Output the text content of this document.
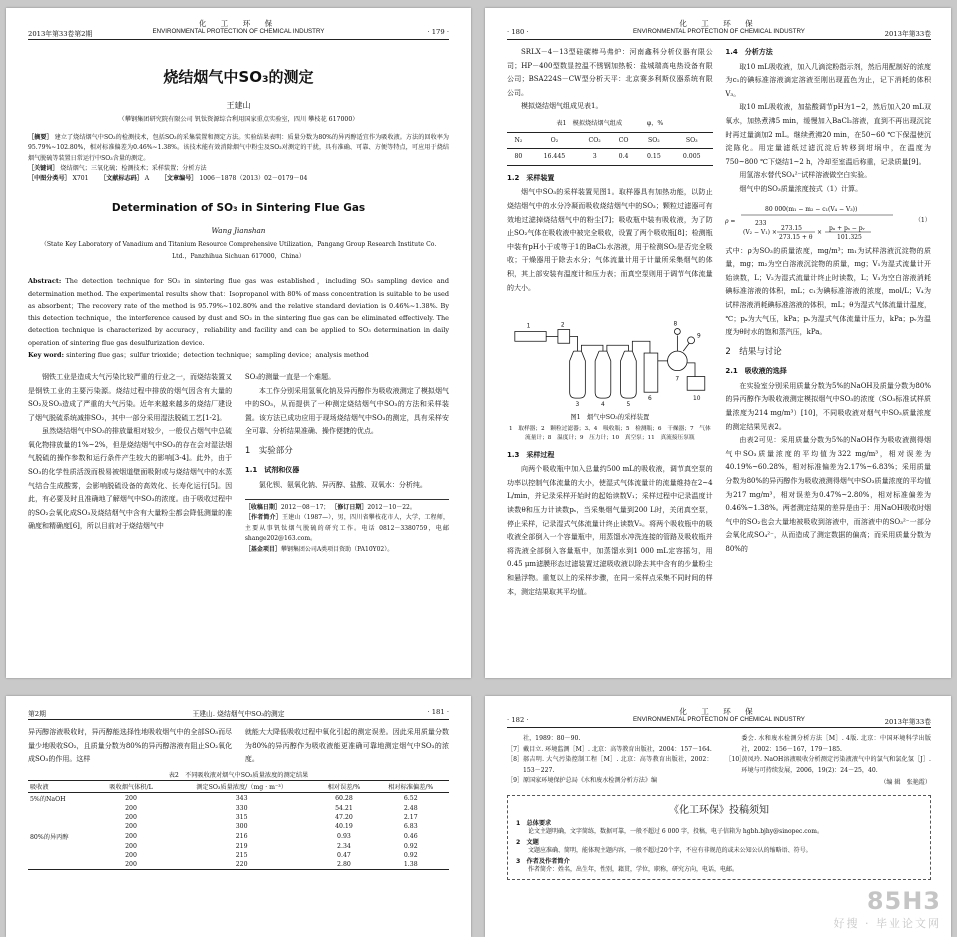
化 工 环 保
2013年第33卷第2期	ENVIRONMENTAL PROTECTION OF CHEMICAL INDUSTRY	· 179 ·
烧结烟气中SO₃的测定
王建山
（攀钢集团研究院有限公司 钒钛资源综合利用国家重点实验室，四川 攀枝花 617000）

［摘要］ 建立了烧结烟气中SO₃的检测技术，包括SO₃的采集装置和测定方法。实验结果表明：质量分数为80%的异丙醇适宜作为吸收液。方法的回收率为95.79%~102.80%，相对标准偏差为0.46%~1.38%。该技术能有效消除烟气中粉尘及SO₂对测定的干扰，具有准确、可靠、方便等特点，可应用于烧结烟气脱硫等装置日常运行中SO₃含量的测定。

［关键词］ 烧结烟气；三氧化硫；检测技术；采样装置；分析方法

［中图分类号］ X701 ［文献标志码］ A ［文章编号］ 1006－1878（2013）02－0179－04

Determination of SO₃ in Sintering Flue Gas
Wang Jianshan
（State Key Laboratory of Vanadium and Titanium Resource Comprehensive Utilization，Pangang Group Research Institute Co. Ltd.，Panzhihua Sichuan 617000，China）

Abstract: The detection technique for SO₃ in sintering flue gas was established，including SO₃ sampling device and determination method. The experimental results show that：Isopropanol with 80% of mass concentration is suitable to be used as absorbent；The recovery rate of the method is 95.79%~102.80% and the relative standard deviation is 0.46%~1.38%. By this detection technique，the interference caused by dust and SO₂ in the sintering flue gas can be eliminated effectively. The detection technique is characterized by accuracy，reliability and facility and can be applied to SO₃ determination in daily operation of sintering flue gas desulfurization device.

Key word: sintering flue gas；sulfur trioxide；detection technique；sampling device；analysis method

钢铁工业是造成大气污染比较严重的行业之一，而烧结装置又是钢铁工业的主要污染源。烧结过程中排放的烟气因含有大量的SO₂及SO₃造成了严重的大气污染。近年来越来越多的烧结厂建设了烟气脱硫系统减排SO₂，其中一部分采用湿法脱硫工艺[1-2]。

虽然烧结烟气中SO₃的排放量相对较少，一般仅占烟气中总硫氧化物排放量的1%~2%，但是烧结烟气中SO₃的存在会对湿法烟气脱硫的操作参数和运行条件产生较大的影响[3-4]。此外，由于SO₃的化学性质活泼而极易被烟道壁面吸附或与烧结烟气中的水蒸气结合生成酸雾，会影响脱硫设备的高效化、长寿化运行[5]。因此，有必要及时且准确地了解烟气中SO₃的浓度。由于吸收过程中的SO₂会氧化成SO₃及烧结烟气中含有大量粉尘都会降低测量的准确度和精确度[6]，所以目前对于烧结烟气中

SO₃的测量一直是一个难题。

本工作分别采用氢氧化钠及异丙醇作为吸收液测定了模拟烟气中的SO₃，从而提供了一种测定烧结烟气中SO₃的方法和采样装置。该方法已成功应用于现场烧结烟气中SO₃的测定，具有采样安全可靠、分析结果准确、操作便捷的优点。

1　实验部分
1.1　试剂和仪器

氯化钡、氨氧化钠、异丙醇、盐酸、双氧水：分析纯。

［收稿日期］2012－08－17； ［修订日期］2012－10－22。
［作者简介］王建山（1987—），男，四川省攀枝花市人，大学，工程师，主要从事钒钛烟气脱硫的研究工作。电话 0812－3380759，电邮 shange202@163.com。
［基金项目］攀钢集团公司A类项目资助（PA10Y02）。
化 工 环 保
· 180 ·	ENVIRONMENTAL PROTECTION OF CHEMICAL INDUSTRY	2013年第33卷

SRLX－4－13型硅碳棒马弗炉：河南鑫科分析仪器有限公司；HP－400型数显控温不锈钢加热板：盐城瑞高电热设备有限公司；BSA224S－CW型分析天平：北京赛多利斯仪器系统有限公司。

模拟烧结烟气组成见表1。

表1　模拟烧结烟气组成　　　　φ，%
N₂	O₂	CO₂	CO	SO₂	SO₃
80	16.445	3	0.4	0.15	0.005
1.2　采样装置

烟气中SO₃的采样装置见图1。取样器具有加热功能，以防止烧结烟气中的水分冷凝而吸收烧结烟气中的SO₃；颗粒过滤器可有效地过滤掉烧结烟气中的粉尘[7]；吸收瓶中装有吸收液，为了防止SO₂气体在吸收液中被完全吸收，设置了两个吸收瓶[8]；检测瓶中装有pH小于或等于1的BaCl₂水溶液，用于检测SO₂是否完全吸收；干燥器用于除去水分；气体流量计用于计量所采集烟气的体积，其上部安装有温度计和压力表；而真空泵则用于调节气体流量的大小。

1	2
3	4	5
6
7
8
9
10
图1　烟气中SO₃的采样装置
1　取样器；2　颗粒过滤器；3、4　吸收瓶；5　检测瓶；6　干燥器；7　气体流量计；8　温度计；9　压力计；10　真空泵；11　真流接压泵瓶
1.3　采样过程

向两个吸收瓶中加入总量约500 mL的吸收液，调节真空泵的功率以控制气体流量的大小，使湿式气体流量计的流量维持在2~4 L/min，并记录采样开始时的起始读数V₁；采样过程中记录温度计读数θ和压力计读数pₛ，当采集烟气量到200 L时，关闭真空泵，停止采样，记录湿式气体流量计终止读数V₂。将两个吸收瓶中的吸收液全部倒入一个容量瓶中，用蒸馏水冲洗连接的管路及吸收瓶并将洗液全部倒入容量瓶中，加蒸馏水到1 000 mL定容摇匀，用0.45 μm滤膜形态过滤装置过滤吸收液以除去其中含有的少量粉尘和悬浮物。重复以上的采样步骤，在同一采样点采集不同时间的样本，测定结果取其平均值。

1.4　分析方法

取10 mL吸收液，加入几滴淀粉指示剂，然后用配制好的浓度为c₁的碘标准溶液滴定溶液至刚出现蓝色为止，记下消耗的体积V₃。

取10 mL吸收液，加盐酸调节pH为1~2，然后加入20 mL双氧水，加热煮沸5 min，缓慢加入BaCl₂溶液，直到不再出现沉淀时再过量滴加2 mL。继续煮沸20 min，在50~60 ℃下保温使沉淀陈化。用定量滤纸过滤沉淀后转移到坩埚中，在温度为750~800 ℃下烧结1~2 h，冷却至室温后称重，记录质量[9]。

用氢溶水替代SO₄²⁻试样溶液做空白实验。

烟气中的SO₃质量浓度按式（1）计算。

ρ =
80 000(m₁ − m₂ − c₁(V₄ − V₃))
233
(V₂ − V₁) ×
273.15
273.15 + θ
×
pₐ + pₛ − pᵥ
101.325
（1）

式中：ρ为SO₃的质量浓度，mg/m³；m₁为试样溶液沉淀物的质量，mg；m₂为空白溶液沉淀物的质量，mg；V₁为湿式流量计开始读数，L；V₂为湿式流量计终止时读数，L；V₃为空白溶液消耗碘标准溶液的体积，mL；c₁为碘标准溶液的浓度，mol/L；V₄为试样溶液消耗碘标准溶液的体积，mL；θ为湿式气体流量计温度，℃；pₐ为大气压，kPa；pₛ为湿式气体流量计压力，kPa；pᵥ为温度为θ时水的饱和蒸汽压，kPa。

2　结果与讨论
2.1　吸收液的选择

在实验室分别采用质量分数为5%的NaOH及质量分数为80%的异丙醇作为吸收液测定模拟烟气中SO₃的浓度（SO₃标准试样质量浓度为214 mg/m³）[10]，不同吸收液对烟气中SO₃质量浓度的测定结果见表2。

由表2可见：采用质量分数为5%的NaOH作为吸收液测得烟气中SO₃质量浓度的平均值为322 mg/m³，相对误差为40.19%~60.28%，相对标准偏差为2.17%~6.83%；采用质量分数为80%的异丙醇作为吸收液测得烟气中SO₃质量浓度的平均值为217 mg/m³，相对误差为0.47%~2.80%，相对标准偏差为0.46%~1.38%。两者测定结果的差异是由于：用NaOH吸收时烟气中的SO₂也会大量地被吸收到溶液中，而溶液中的SO₃²⁻一部分会氧化成SO₄²⁻，从而造成了测定数据的偏高；而采用质量分数为80%的

第2期	王建山. 烧结烟气中SO₃的测定	· 181 ·

异丙醇溶液吸收时，异丙醇能选择性地吸收烟气中的全部SO₃而尽量少地吸收SO₂，且质量分数为80%的异丙醇溶液有阻止SO₂氧化成SO₃的作用。这样

就能大大降低吸收过程中氧化引起的测定误差。因此采用质量分数为80%的异丙醇作为吸收液能更准确可靠地测定烟气中SO₃的浓度。

表2　不同吸收液对烟气中SO₃质量浓度的测定结果
吸收液	吸收烟气体积/L	测定SO₃质量浓度/（mg · m⁻³）	相对误差/%	相对标准偏差/%
5%的NaOH	200	343	60.28	6.52
	200	330	54.21	2.48
	200	315	47.20	2.17
	200	300	40.19	6.83
80%的异丙醇	200	216	0.93	0.46
	200	219	2.34	0.92
	200	215	0.47	0.92
	200	220	2.80	1.38
化 工 环 保
· 182 ·	ENVIRONMENTAL PROTECTION OF CHEMICAL INDUSTRY	2013年第33卷
社，1989：80－90.
［7］ 戴目立. 环境监测［M］. 北京：高等教育出版社，2004：157－164.
［8］ 郝吉明. 大气污染控制工程［M］. 北京：高等教育出版社，2002：153－227.
［9］ 原国家环境保护总局《水和废水检测分析方法》编
委会. 水和废水检测分析方法［M］. 4版. 北京：中国环境科学出版社，2002：156－167，179－185.
［10］
黄凤玲. NaOH溶液吸收分析测定污染液液气中的氯气和氯化氢［J］. 环境与可持续发展，2006，19(2)：24－25，40.
（编 辑　张艳霞）
《化工环保》投稿须知
1　总体要求
论文主题明确，文字简练，数据可靠，一般不超过 6 000 字，投稿，电子信箱为 hgbh.bjhy@sinopec.com。
2　文题
文题应准确、简明，能体现主题内容，一般不超过20个字，不应有非规范的或未公知公认的缩略语、符号。
3　作者及作者简介
作者简介：姓名，出生年，性别，籍贯，学位，职称，研究方向，电话，电邮。
85H3
好搜 · 毕业论文网
